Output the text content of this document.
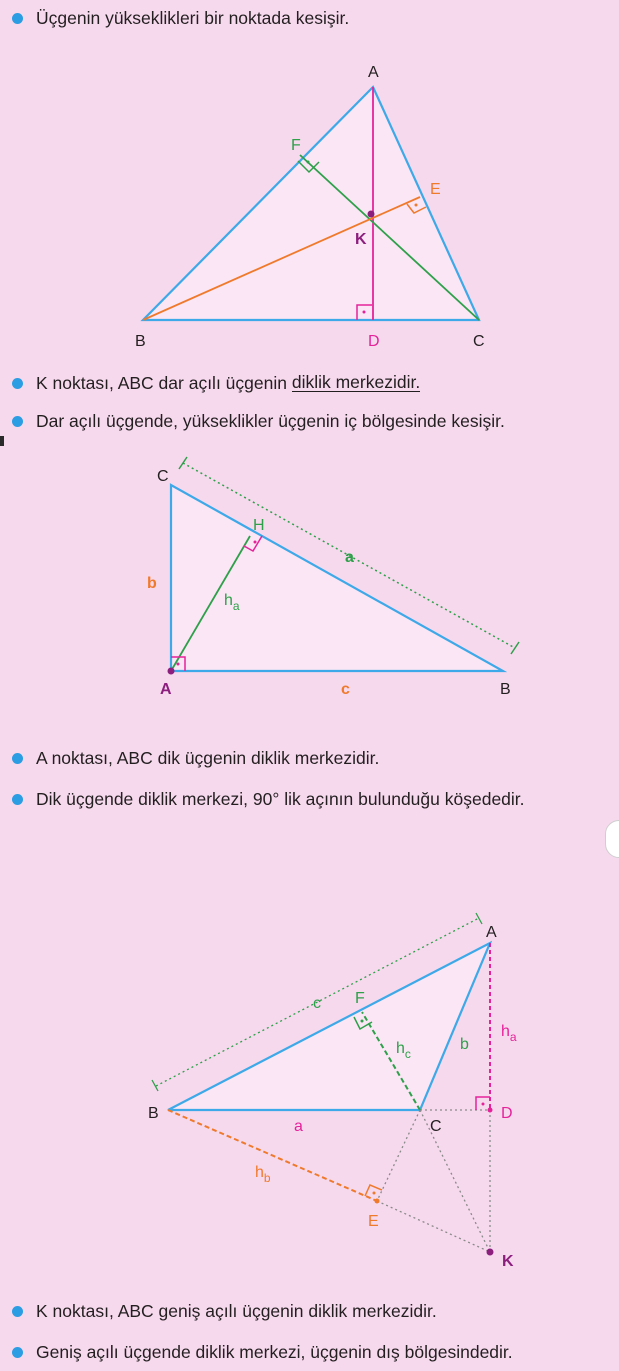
Üçgenin yükseklikleri bir noktada kesişir.
A
B	C
D
E
F
K
K noktası, ABC dar açılı üçgenin diklik merkezidir.
Dar açılı üçgende, yükseklikler üçgenin iç bölgesinde kesişir.
C
A	B
H
b
c
a
$h_a$
A noktası, ABC dik üçgenin diklik merkezidir.
Dik üçgende diklik merkezi, 90° lik açının bulunduğu köşededir.
A
B
C
D
E
F
K
a
b
c
$h_c$
$h_a$
$h_b$
K noktası, ABC geniş açılı üçgenin diklik merkezidir.
Geniş açılı üçgende diklik merkezi, üçgenin dış bölgesindedir.
